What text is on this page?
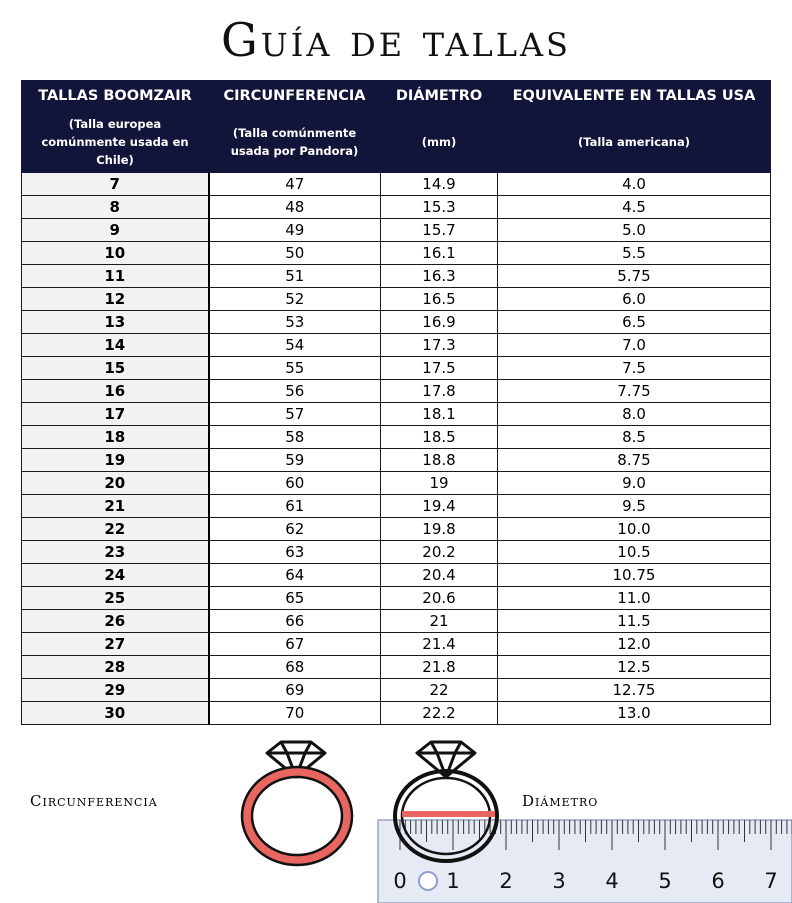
Guía de tallas
TALLAS BOOMZAIR	CIRCUNFERENCIA	DIÁMETRO	EQUIVALENTE EN TALLAS USA
(Talla europea comúnmente usada en Chile)	(Talla comúnmente usada por Pandora)	(mm)	(Talla americana)
7	47	14.9	4.0
8	48	15.3	4.5
9	49	15.7	5.0
10	50	16.1	5.5
11	51	16.3	5.75
12	52	16.5	6.0
13	53	16.9	6.5
14	54	17.3	7.0
15	55	17.5	7.5
16	56	17.8	7.75
17	57	18.1	8.0
18	58	18.5	8.5
19	59	18.8	8.75
20	60	19	9.0
21	61	19.4	9.5
22	62	19.8	10.0
23	63	20.2	10.5
24	64	20.4	10.75
25	65	20.6	11.0
26	66	21	11.5
27	67	21.4	12.0
28	68	21.8	12.5
29	69	22	12.75
30	70	22.2	13.0
Circunferencia	Diámetro
0 1 2 3 4 5 6 7
